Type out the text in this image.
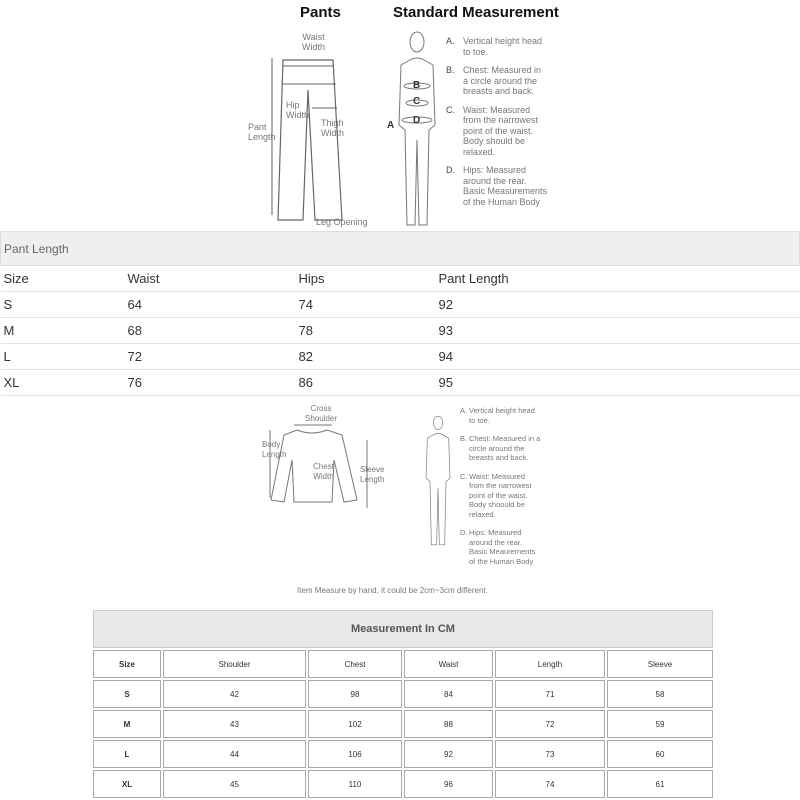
Pants	Standard Measurement
Waist
Width
Hip
Width
Thigh
Width
Pant
Length
Leg Opening
B
C
D
A
A. Vertical height head
to toe.
B. Chest: Measured in
a circle around the
breasts and back.
C. Waist: Measured
from the narrowest
point of the waist.
Body should be
relaxed.
D. Hips: Measured
around the rear.
Basic Measurements
of the Human Body
Pant Length			
Size	Waist	Hips	Pant Length
S	64	74	92
M	68	78	93
L	72	82	94
XL	76	86	95
Cross
Shoulder
Body
Length
Chest
Width
Sleeve
Length
A. Vertical height head
to toe.
B. Chest: Measured in a
circle around the
breasts and back.
C. Waist: Measured
from the narrowest
point of the waist.
Body shoould be
relaxed.
D. Hips: Measured
around the rear.
Basic Meaurements
of the Human Body
Item Measure by hand, it could be 2cm~3cm different.
Measurement In CM					
Size	Shoulder	Chest	Waist	Length	Sleeve
S	42	98	84	71	58
M	43	102	88	72	59
L	44	106	92	73	60
XL	45	110	96	74	61
